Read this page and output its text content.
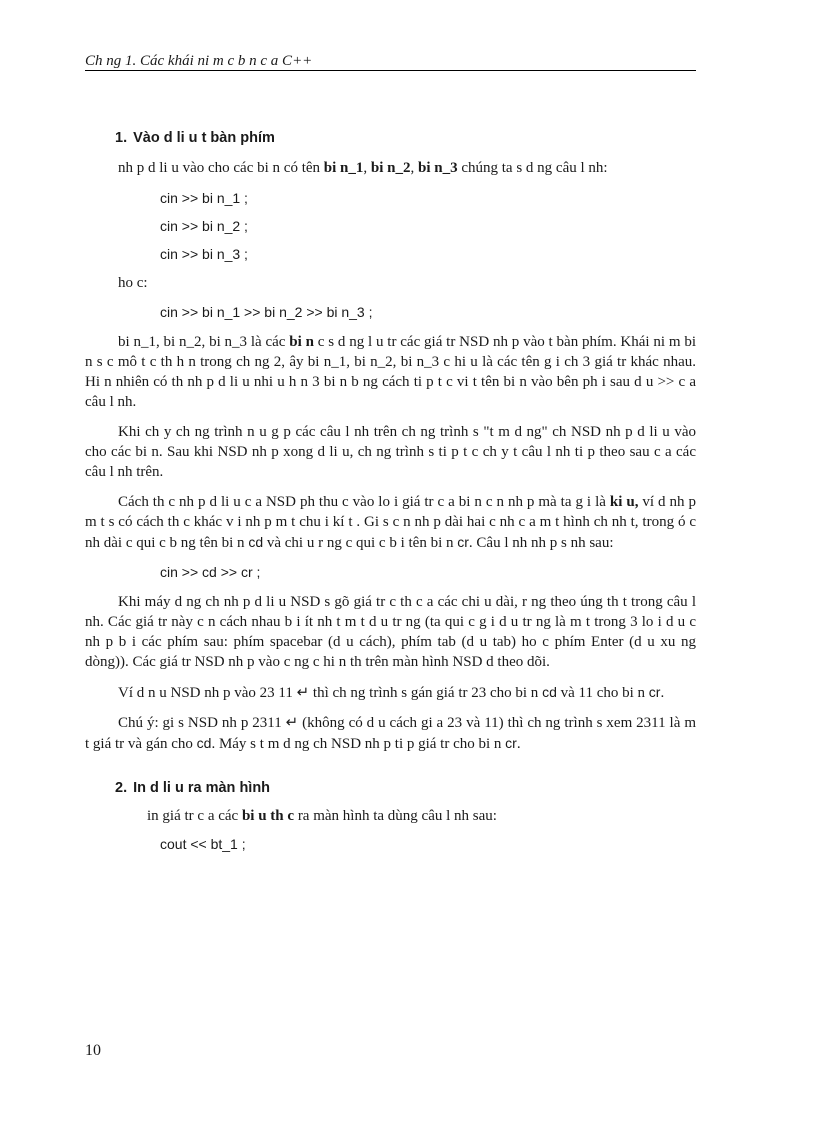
Ch ng 1. Các khái ni m c b n c a C++
1. Vào d li u t bàn phím

nh p d li u vào cho các bi n có tên bi n_1, bi n_2, bi n_3 chúng ta s d ng câu l nh:

cin >> bi n_1 ;
cin >> bi n_2 ;
cin >> bi n_3 ;
ho c:
cin >> bi n_1 >> bi n_2 >> bi n_3 ;

bi n_1, bi n_2, bi n_3 là các bi n c s d ng l u tr các giá tr NSD nh p vào t bàn phím. Khái ni m bi n s c mô t c th h n trong ch ng 2, ây bi n_1, bi n_2, bi n_3 c hi u là các tên g i ch 3 giá tr khác nhau. Hi n nhiên có th nh p d li u nhi u h n 3 bi n b ng cách ti p t c vi t tên bi n vào bên ph i sau d u >> c a câu l nh.

Khi ch y ch ng trình n u g p các câu l nh trên ch ng trình s "t m d ng" ch NSD nh p d li u vào cho các bi n. Sau khi NSD nh p xong d li u, ch ng trình s ti p t c ch y t câu l nh ti p theo sau c a các câu l nh trên.

Cách th c nh p d li u c a NSD ph thu c vào lo i giá tr c a bi n c n nh p mà ta g i là ki u, ví d nh p m t s có cách th c khác v i nh p m t chu i kí t . Gi s c n nh p dài hai c nh c a m t hình ch nh t, trong ó c nh dài c qui c b ng tên bi n cd và chi u r ng c qui c b i tên bi n cr. Câu l nh nh p s nh sau:

cin >> cd >> cr ;

Khi máy d ng ch nh p d li u NSD s gõ giá tr c th c a các chi u dài, r ng theo úng th t trong câu l nh. Các giá tr này c n cách nhau b i ít nh t m t d u tr ng (ta qui c g i d u tr ng là m t trong 3 lo i d u c nh p b i các phím sau: phím spacebar (d u cách), phím tab (d u tab) ho c phím Enter (d u xu ng dòng)). Các giá tr NSD nh p vào c ng c hi n th trên màn hình NSD d theo dõi.

Ví d n u NSD nh p vào 23 11 ↵ thì ch ng trình s gán giá tr 23 cho bi n cd và 11 cho bi n cr.

Chú ý: gi s NSD nh p 2311 ↵ (không có d u cách gi a 23 và 11) thì ch ng trình s xem 2311 là m t giá tr và gán cho cd. Máy s t m d ng ch NSD nh p ti p giá tr cho bi n cr.

2. In d li u ra màn hình

in giá tr c a các bi u th c ra màn hình ta dùng câu l nh sau:

cout << bt_1 ;
10
